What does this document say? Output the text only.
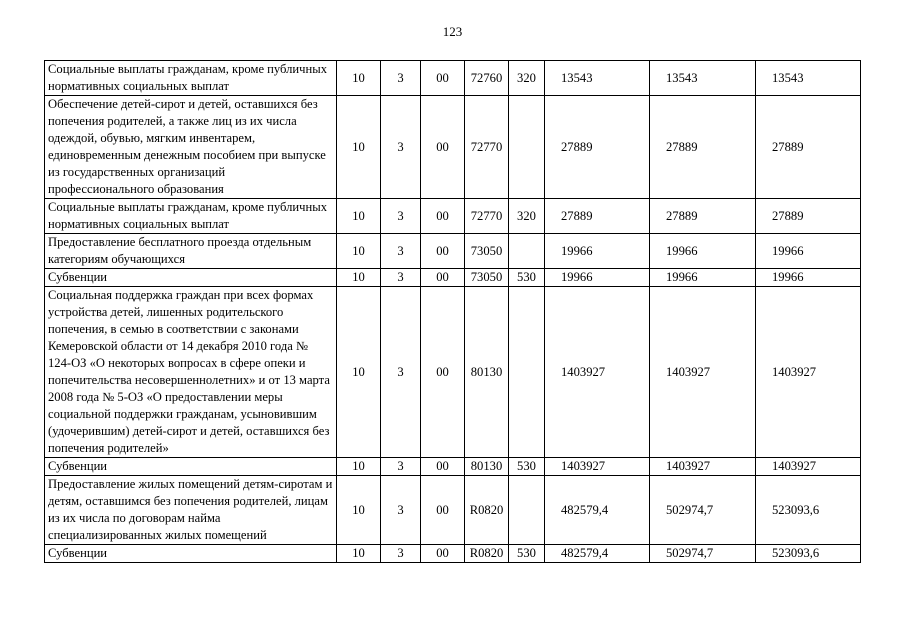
123
Социальные выплаты гражданам, кроме публичных нормативных социальных выплат	10	3	00	72760	320	13543	13543	13543
Обеспечение детей-сирот и детей, оставшихся без попечения родителей, а также лиц из их числа одеждой, обувью, мягким инвентарем, единовременным денежным пособием при выпуске из государственных организаций профессионального образования	10	3	00	72770		27889	27889	27889
Социальные выплаты гражданам, кроме публичных нормативных социальных выплат	10	3	00	72770	320	27889	27889	27889
Предоставление бесплатного проезда отдельным категориям обучающихся	10	3	00	73050		19966	19966	19966
Субвенции	10	3	00	73050	530	19966	19966	19966
Социальная поддержка граждан при всех формах устройства детей, лишенных родительского попечения, в семью в соответствии с законами Кемеровской области от 14 декабря 2010 года № 124-ОЗ «О некоторых вопросах в сфере опеки и попечительства несовершеннолетних» и от 13 марта 2008 года № 5-ОЗ «О предоставлении меры социальной поддержки гражданам, усыновившим (удочерившим) детей-сирот и детей, оставшихся без попечения родителей»	10	3	00	80130		1403927	1403927	1403927
Субвенции	10	3	00	80130	530	1403927	1403927	1403927
Предоставление жилых помещений детям-сиротам и детям, оставшимся без попечения родителей, лицам из их числа по договорам найма специализированных жилых помещений	10	3	00	R0820		482579,4	502974,7	523093,6
Субвенции	10	3	00	R0820	530	482579,4	502974,7	523093,6
